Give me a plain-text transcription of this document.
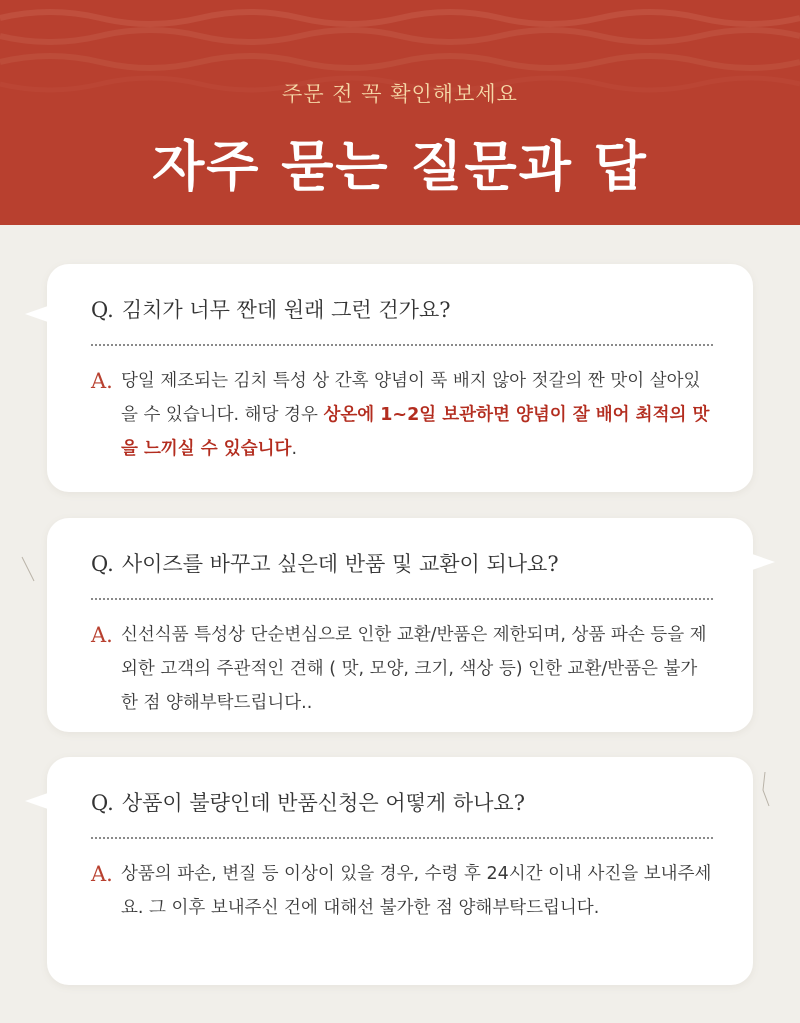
주문 전 꼭 확인해보세요
자주 묻는 질문과 답
Q. 김치가 너무 짠데 원래 그런 건가요?
A. 당일 제조되는 김치 특성 상 간혹 양념이 푹 배지 않아 젓갈의 짠 맛이 살아있을 수 있습니다. 해당 경우 상온에 1~2일 보관하면 양념이 잘 배어 최적의 맛을 느끼실 수 있습니다.
Q. 사이즈를 바꾸고 싶은데 반품 및 교환이 되나요?
A. 신선식품 특성상 단순변심으로 인한 교환/반품은 제한되며, 상품 파손 등을 제외한 고객의 주관적인 견해 ( 맛, 모양, 크기, 색상 등) 인한 교환/반품은 불가한 점 양해부탁드립니다..
Q. 상품이 불량인데 반품신청은 어떻게 하나요?
A. 상품의 파손, 변질 등 이상이 있을 경우, 수령 후 24시간 이내 사진을 보내주세요. 그 이후 보내주신 건에 대해선 불가한 점 양해부탁드립니다.
